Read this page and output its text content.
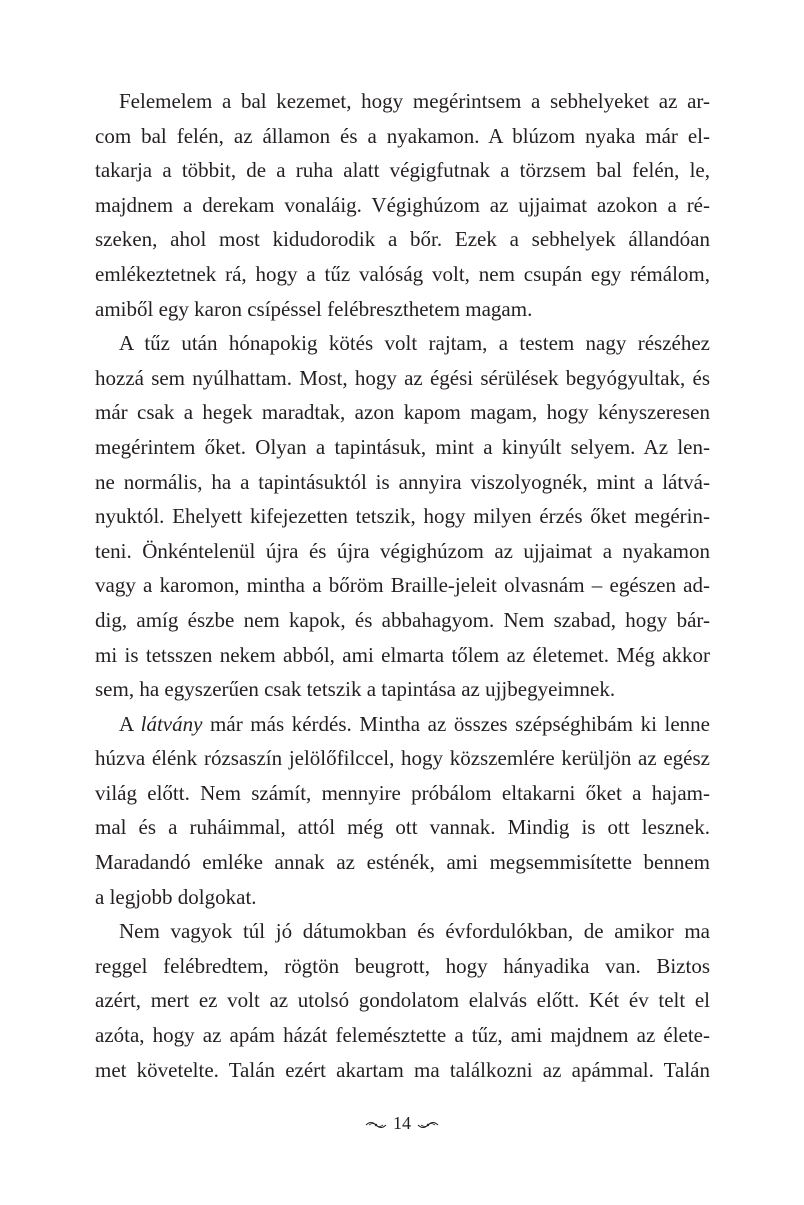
Felemelem a bal kezemet, hogy megérintsem a sebhelyeket az ar-
com bal felén, az államon és a nyakamon. A blúzom nyaka már el-
takarja a többit, de a ruha alatt végigfutnak a törzsem bal felén, le,
majdnem a derekam vonaláig. Végighúzom az ujjaimat azokon a ré-
szeken, ahol most kidudorodik a bőr. Ezek a sebhelyek állandóan
emlékeztetnek rá, hogy a tűz valóság volt, nem csupán egy rémálom,
amiből egy karon csípéssel felébreszthetem magam.
A tűz után hónapokig kötés volt rajtam, a testem nagy részéhez
hozzá sem nyúlhattam. Most, hogy az égési sérülések begyógyultak, és
már csak a hegek maradtak, azon kapom magam, hogy kényszeresen
megérintem őket. Olyan a tapintásuk, mint a kinyúlt selyem. Az len-
ne normális, ha a tapintásuktól is annyira viszolyognék, mint a látvá-
nyuktól. Ehelyett kifejezetten tetszik, hogy milyen érzés őket megérin-
teni. Önkéntelenül újra és újra végighúzom az ujjaimat a nyakamon
vagy a karomon, mintha a bőröm Braille-jeleit olvasnám – egészen ad-
dig, amíg észbe nem kapok, és abbahagyom. Nem szabad, hogy bár-
mi is tetsszen nekem abból, ami elmarta tőlem az életemet. Még akkor
sem, ha egyszerűen csak tetszik a tapintása az ujjbegyeimnek.
A látvány már más kérdés. Mintha az összes szépséghibám ki lenne
húzva élénk rózsaszín jelölőfilccel, hogy közszemlére kerüljön az egész
világ előtt. Nem számít, mennyire próbálom eltakarni őket a hajam-
mal és a ruháimmal, attól még ott vannak. Mindig is ott lesznek.
Maradandó emléke annak az esténék, ami megsemmisítette bennem
a legjobb dolgokat.
Nem vagyok túl jó dátumokban és évfordulókban, de amikor ma
reggel felébredtem, rögtön beugrott, hogy hányadika van. Biztos
azért, mert ez volt az utolsó gondolatom elalvás előtt. Két év telt el
azóta, hogy az apám házát felemésztette a tűz, ami majdnem az élete-
met követelte. Talán ezért akartam ma találkozni az apámmal. Talán
14
